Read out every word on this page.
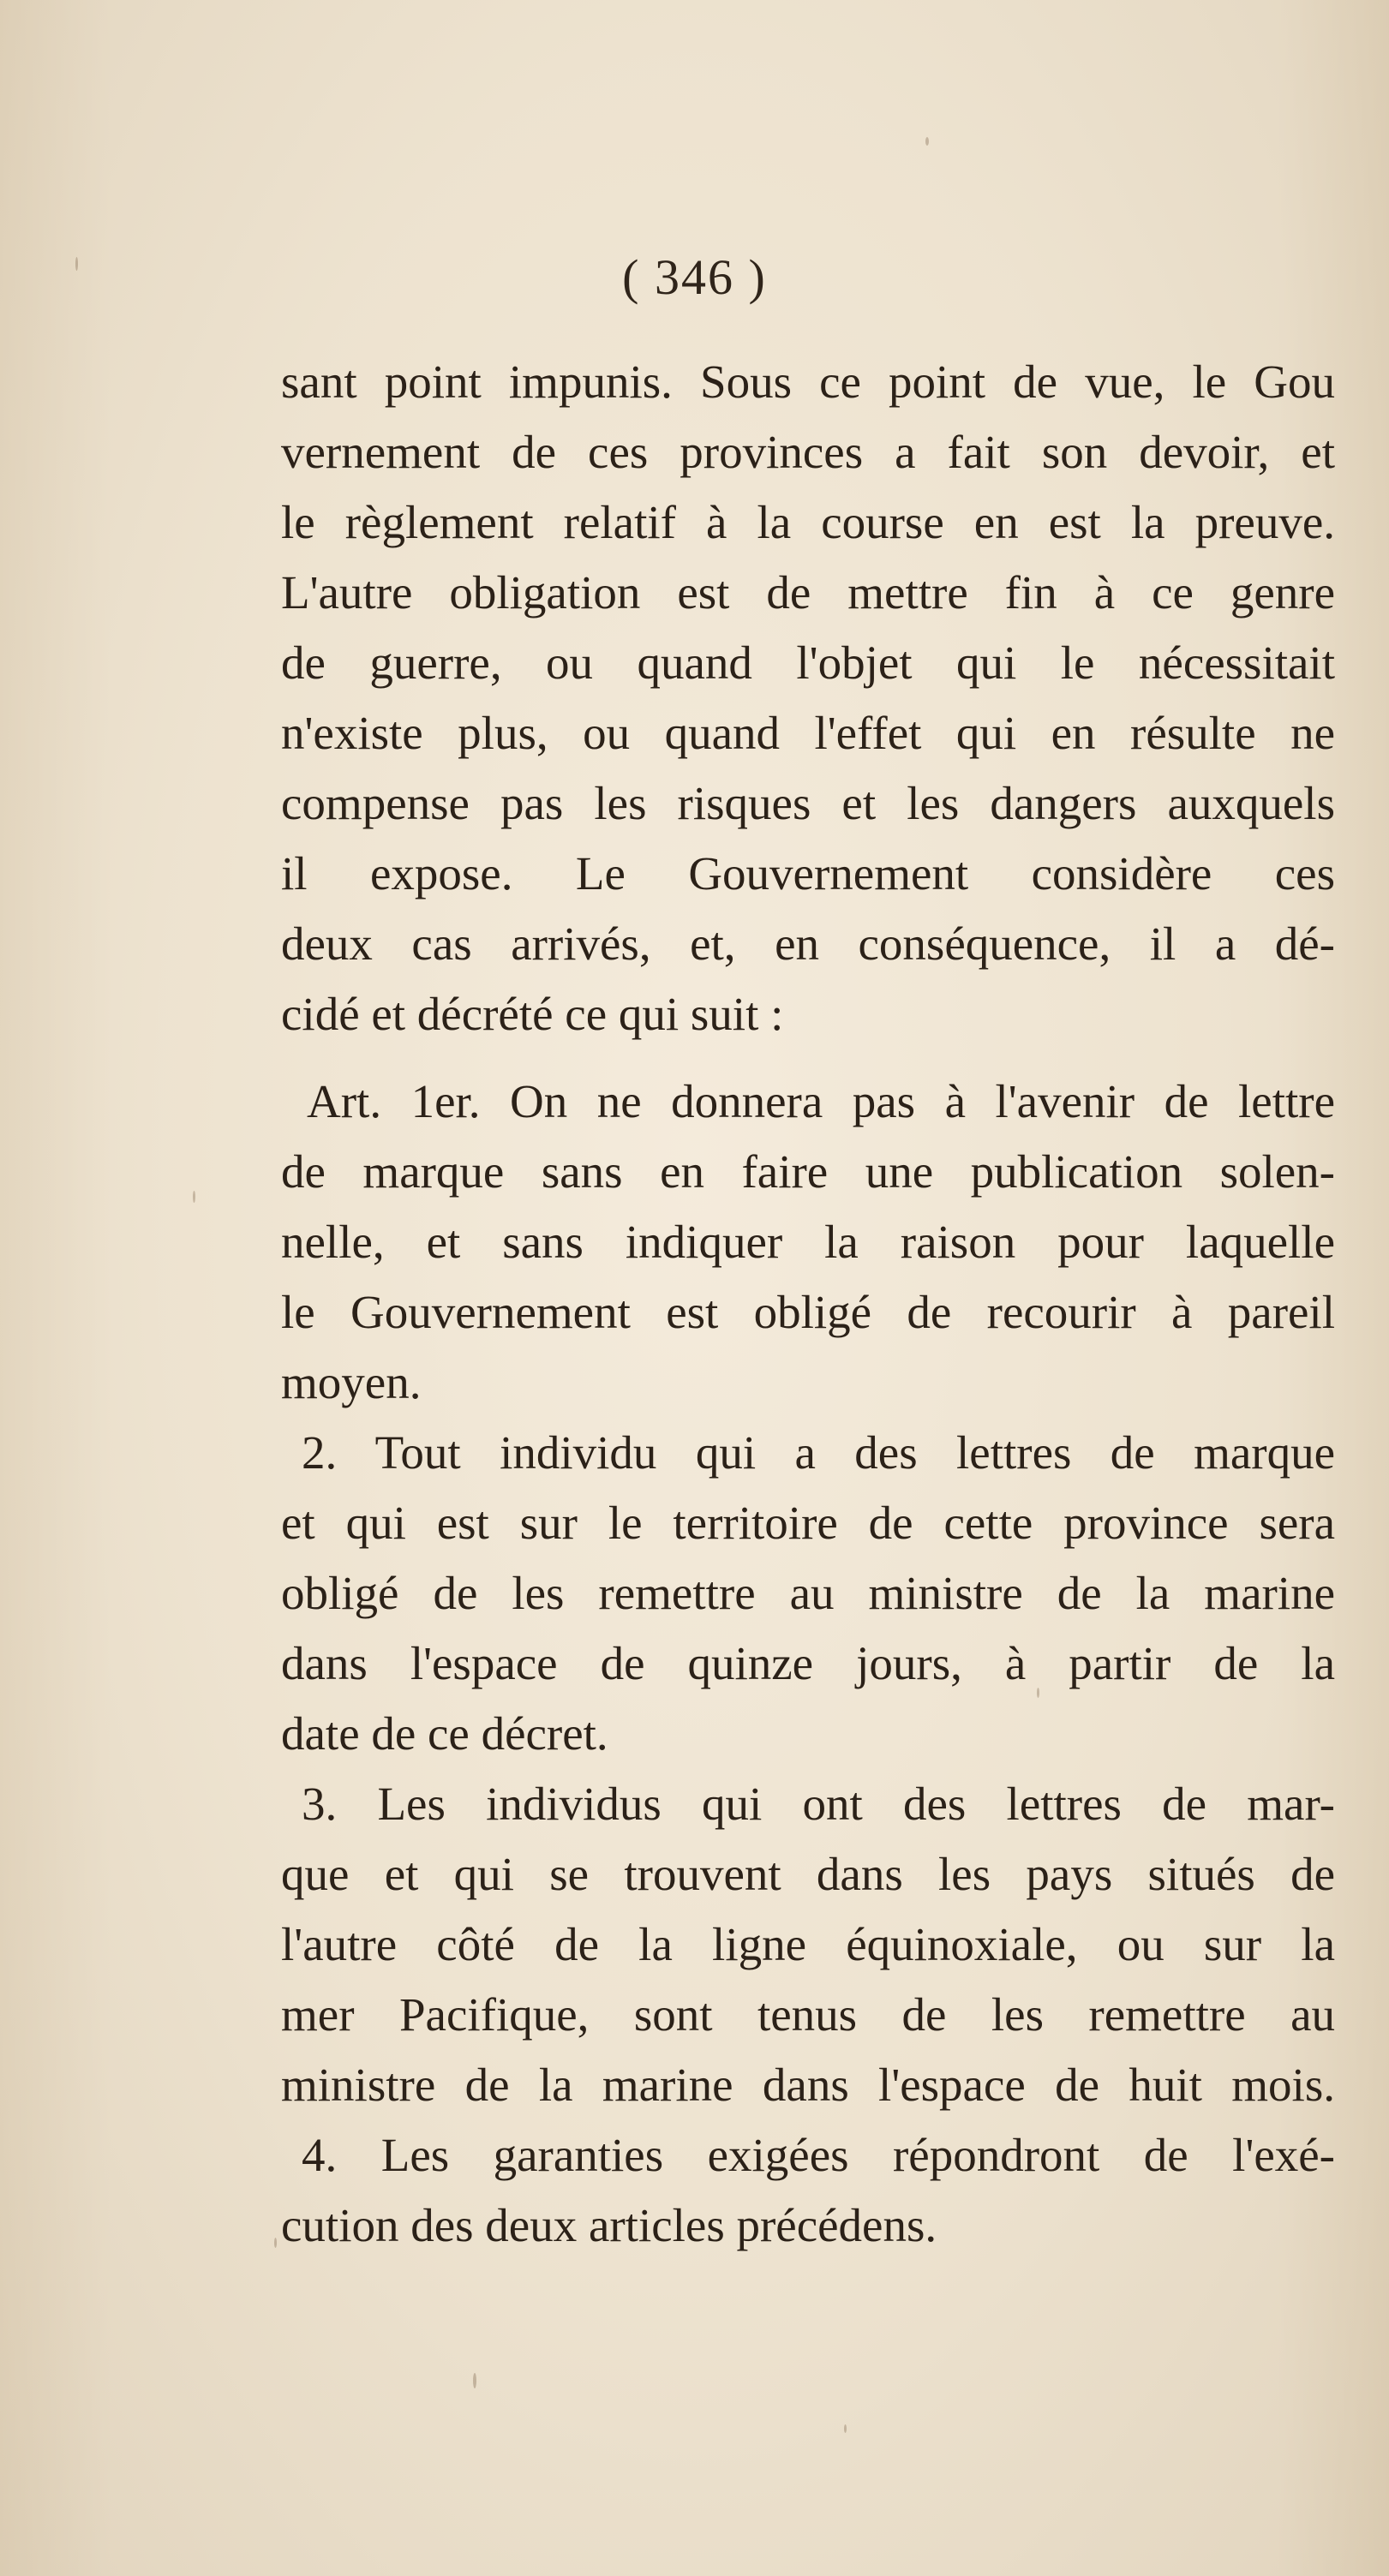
( 346 )
sant point impunis. Sous ce point de vue, le Gou
vernement de ces provinces a fait son devoir, et
le règlement relatif à la course en est la preuve.
L'autre obligation est de mettre fin à ce genre
de guerre, ou quand l'objet qui le nécessitait
n'existe plus, ou quand l'effet qui en résulte ne
compense pas les risques et les dangers auxquels
il expose. Le Gouvernement considère ces
deux cas arrivés, et, en conséquence, il a dé-
cidé et décrété ce qui suit :
Art. 1er. On ne donnera pas à l'avenir de lettre
de marque sans en faire une publication solen-
nelle, et sans indiquer la raison pour laquelle
le Gouvernement est obligé de recourir à pareil
moyen.
2. Tout individu qui a des lettres de marque
et qui est sur le territoire de cette province sera
obligé de les remettre au ministre de la marine
dans l'espace de quinze jours, à partir de la
date de ce décret.
3. Les individus qui ont des lettres de mar-
que et qui se trouvent dans les pays situés de
l'autre côté de la ligne équinoxiale, ou sur la
mer Pacifique, sont tenus de les remettre au
ministre de la marine dans l'espace de huit mois.
4. Les garanties exigées répondront de l'exé-
cution des deux articles précédens.
